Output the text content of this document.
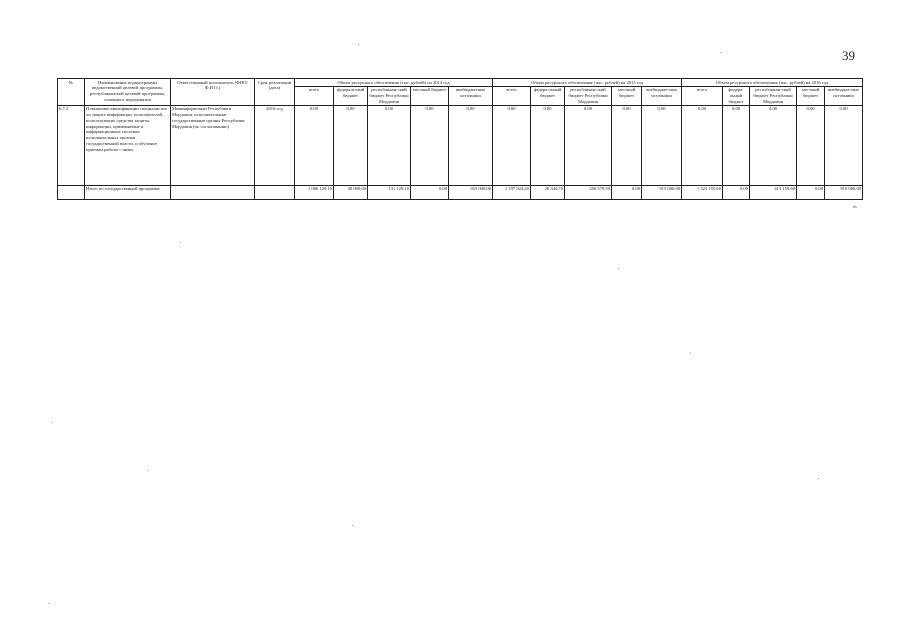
39
№	Наименование подпрограммы ведомственной целевой программы, республиканской целевой программы, основного мероприятия	Ответственный исполнитель (ФИО/Ф.И.О.)	Срок реализации (дата)	Объем ресурсного обеспечения (тыс. рублей) на 2014 год					Объем ресурсного обеспечения (тыс. рублей) на 2015 год					Объем ресурсного обеспечения (тыс. рублей) на 2016 год				
				всего	федераль-ный бюджет	республикан-ский бюджет Республики Мордовия	местный бюджет	внебюджетные источники	всего	федера-льный бюджет	республикан-ский бюджет Республики Мордовия	местный бюджет	внебюджет-ные источники	всего	федера-льный бюджет	республикан-ский бюджет Республики Мордовия	местный бюджет	внебюджет-ные источники
6.7.2	Повышение квалификации специалистов по защите информации, пользователей, использующих средства защиты информации, применяемые в информационных системах исполнительных органов государственной власти, и обучение приемам работы с ними	Мининформсвязи Республики Мордовия, исполнительные государственные органы Республики Мордовия (по согласованию)	2016 год	0,00	0,00	0,00	0,00	0,00	0,00	0,00	0,00	0,00	0,00	0,00	0,00	0,00	0,00	0,00
	Итого по государственной программе			1 086 129,10	30 000,00	131 129,10	0,00	925 000,00	1 197 924,20	26 344,70	256 579,50	0,00	915 000,00	1 323 155,60	0,00	413 155,60	0,00	910 000,00
».
